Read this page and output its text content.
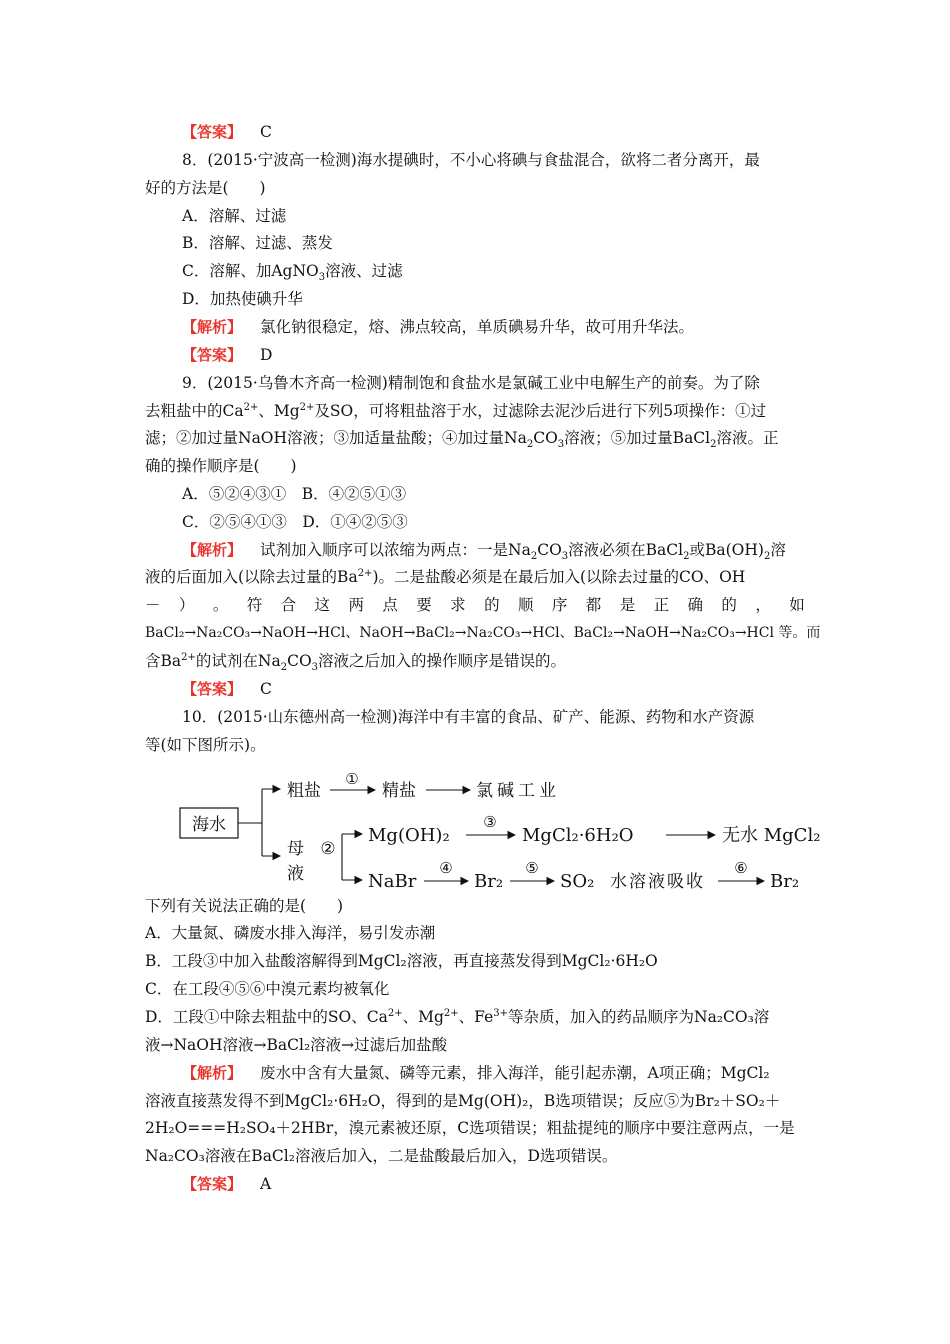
【答案】 C
8．(2015·宁波高一检测)海水提碘时，不小心将碘与食盐混合，欲将二者分离开，最
好的方法是(　　)
A．溶解、过滤
B．溶解、过滤、蒸发
C．溶解、加AgNO$_3$溶液、过滤
D．加热使碘升华
【解析】 氯化钠很稳定，熔、沸点较高，单质碘易升华，故可用升华法。
【答案】 D
9．(2015·乌鲁木齐高一检测)精制饱和食盐水是氯碱工业中电解生产的前奏。为了除
去粗盐中的$Ca^{2+}$、$Mg^{2+}$及SO，可将粗盐溶于水，过滤除去泥沙后进行下列5项操作：①过
滤；②加过量NaOH溶液；③加适量盐酸；④加过量$Na_2CO_3$溶液；⑤加过量BaCl$_2$溶液。正
确的操作顺序是(　　)
A．⑤②④③①　B．④②⑤①③
C．②⑤④①③　D．①④②⑤③
【解析】 试剂加入顺序可以浓缩为两点：一是$Na_2CO_3$溶液必须在BaCl$_2$或$Ba(OH)_2$溶
液的后面加入(以除去过量的$Ba^{2+}$)。二是盐酸必须是在最后加入(以除去过量的CO、OH
－ ） 。 符 合 这 两 点 要 求 的 顺 序 都 是 正 确 的 ， 如
BaCl₂→Na₂CO₃→NaOH→HCl、NaOH→BaCl₂→Na₂CO₃→HCl、BaCl₂→NaOH→Na₂CO₃→HCl 等。而
含$Ba^{2+}$的试剂在$Na_2CO_3$溶液之后加入的操作顺序是错误的。
【答案】 C
10．(2015·山东德州高一检测)海洋中有丰富的食品、矿产、能源、药物和水产资源
等(如下图所示)。
海水
粗盐
①
精盐	氯碱工业
母
液
②
Mg(OH)₂
③
MgCl₂·6H₂O	无水 MgCl₂
NaBr
④
Br₂
⑤
SO₂ 水溶液吸收
⑥
Br₂
下列有关说法正确的是(　　)
A．大量氮、磷废水排入海洋，易引发赤潮
B．工段③中加入盐酸溶解得到MgCl₂溶液，再直接蒸发得到MgCl₂·6H₂O
C．在工段④⑤⑥中溴元素均被氧化
D．工段①中除去粗盐中的SO、$Ca^{2+}$、$Mg^{2+}$、$Fe^{3+}$等杂质，加入的药品顺序为Na₂CO₃溶
液→NaOH溶液→BaCl₂溶液→过滤后加盐酸
【解析】 废水中含有大量氮、磷等元素，排入海洋，能引起赤潮，A项正确；MgCl₂
溶液直接蒸发得不到MgCl₂·6H₂O，得到的是Mg(OH)₂，B选项错误；反应⑤为Br₂＋SO₂＋
2H₂O===H₂SO₄＋2HBr，溴元素被还原，C选项错误；粗盐提纯的顺序中要注意两点，一是
Na₂CO₃溶液在BaCl₂溶液后加入，二是盐酸最后加入，D选项错误。
【答案】 A
